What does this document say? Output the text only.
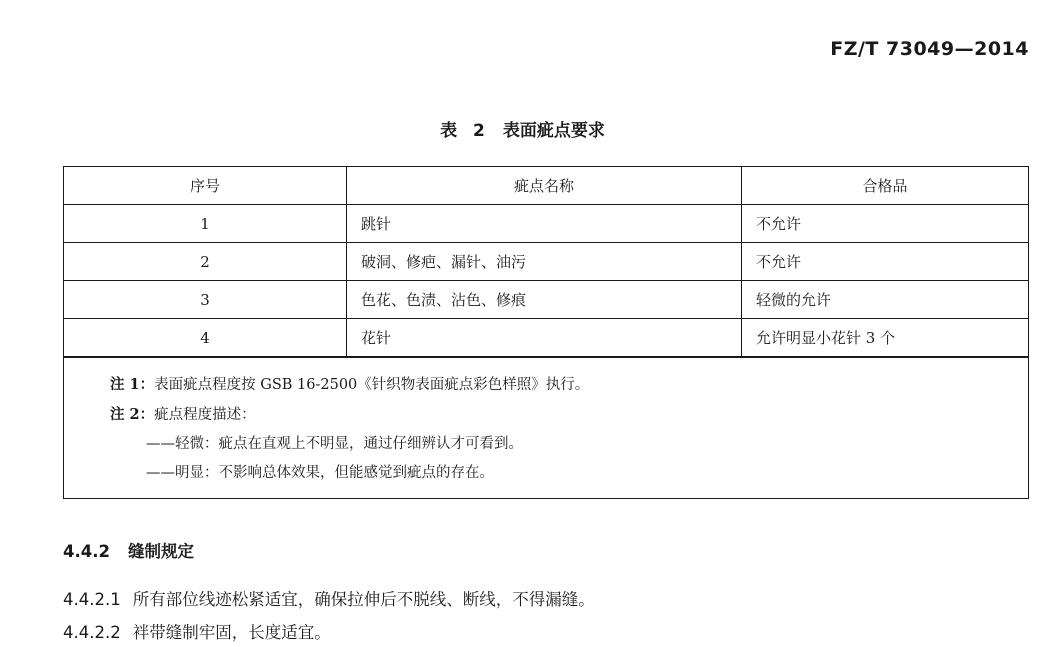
FZ/T 73049—2014
表 2 表面疵点要求
序号	疵点名称	合格品
1	跳针	不允许
2	破洞、修疤、漏针、油污	不允许
3	色花、色渍、沾色、修痕	轻微的允许
4	花针	允许明显小花针 3 个
注 1：表面疵点程度按 GSB 16-2500《针织物表面疵点彩色样照》执行。
注 2：疵点程度描述：
——轻微：疵点在直观上不明显，通过仔细辨认才可看到。
——明显：不影响总体效果，但能感觉到疵点的存在。
4.4.2 缝制规定
4.4.2.1 所有部位线迹松紧适宜，确保拉伸后不脱线、断线，不得漏缝。
4.4.2.2 袢带缝制牢固，长度适宜。
